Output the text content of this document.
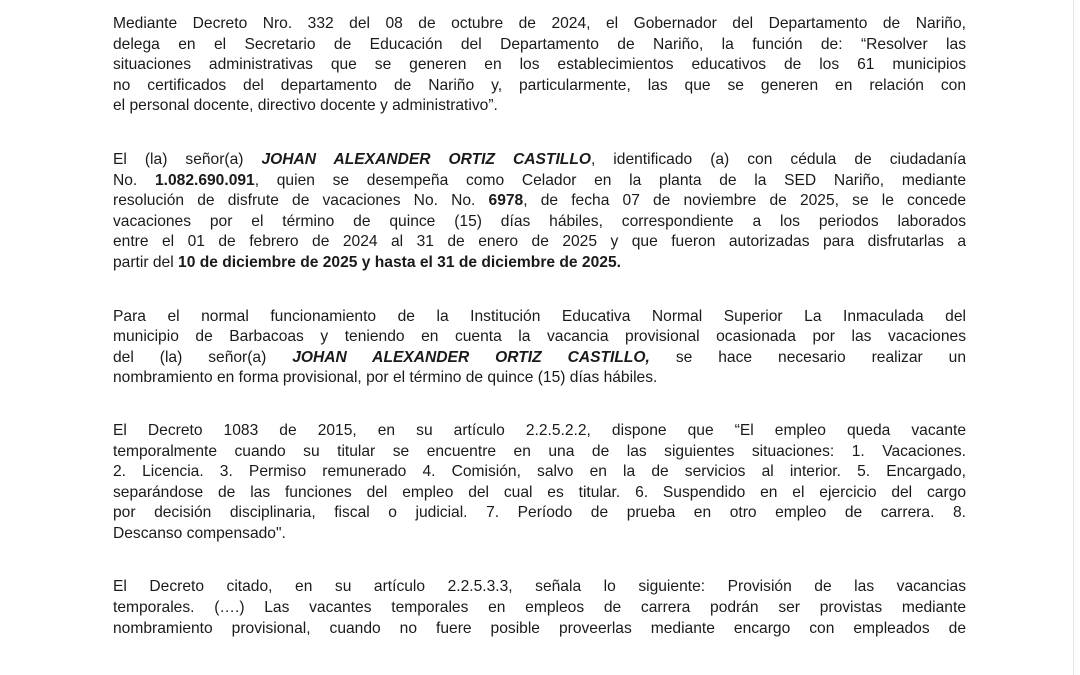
Mediante Decreto Nro. 332 del 08 de octubre de 2024, el Gobernador del Departamento de Nariño,
delega en el Secretario de Educación del Departamento de Nariño, la función de: “Resolver las
situaciones administrativas que se generen en los establecimientos educativos de los 61 municipios
no certificados del departamento de Nariño y, particularmente, las que se generen en relación con
el personal docente, directivo docente y administrativo”.
El (la) señor(a) JOHAN ALEXANDER ORTIZ CASTILLO, identificado (a) con cédula de ciudadanía
No. 1.082.690.091, quien se desempeña como Celador en la planta de la SED Nariño, mediante
resolución de disfrute de vacaciones No. No. 6978, de fecha 07 de noviembre de 2025, se le concede
vacaciones por el término de quince (15) días hábiles, correspondiente a los periodos laborados
entre el 01 de febrero de 2024 al 31 de enero de 2025 y que fueron autorizadas para disfrutarlas a
partir del 10 de diciembre de 2025 y hasta el 31 de diciembre de 2025.
Para el normal funcionamiento de la Institución Educativa Normal Superior La Inmaculada del
municipio de Barbacoas y teniendo en cuenta la vacancia provisional ocasionada por las vacaciones
del (la) señor(a) JOHAN ALEXANDER ORTIZ CASTILLO, se hace necesario realizar un
nombramiento en forma provisional, por el término de quince (15) días hábiles.
El Decreto 1083 de 2015, en su artículo 2.2.5.2.2, dispone que “El empleo queda vacante
temporalmente cuando su titular se encuentre en una de las siguientes situaciones: 1. Vacaciones.
2. Licencia. 3. Permiso remunerado 4. Comisión, salvo en la de servicios al interior. 5. Encargado,
separándose de las funciones del empleo del cual es titular. 6. Suspendido en el ejercicio del cargo
por decisión disciplinaria, fiscal o judicial. 7. Período de prueba en otro empleo de carrera. 8.
Descanso compensado".
El Decreto citado, en su artículo 2.2.5.3.3, señala lo siguiente: Provisión de las vacancias
temporales. (….) Las vacantes temporales en empleos de carrera podrán ser provistas mediante
nombramiento provisional, cuando no fuere posible proveerlas mediante encargo con empleados de
